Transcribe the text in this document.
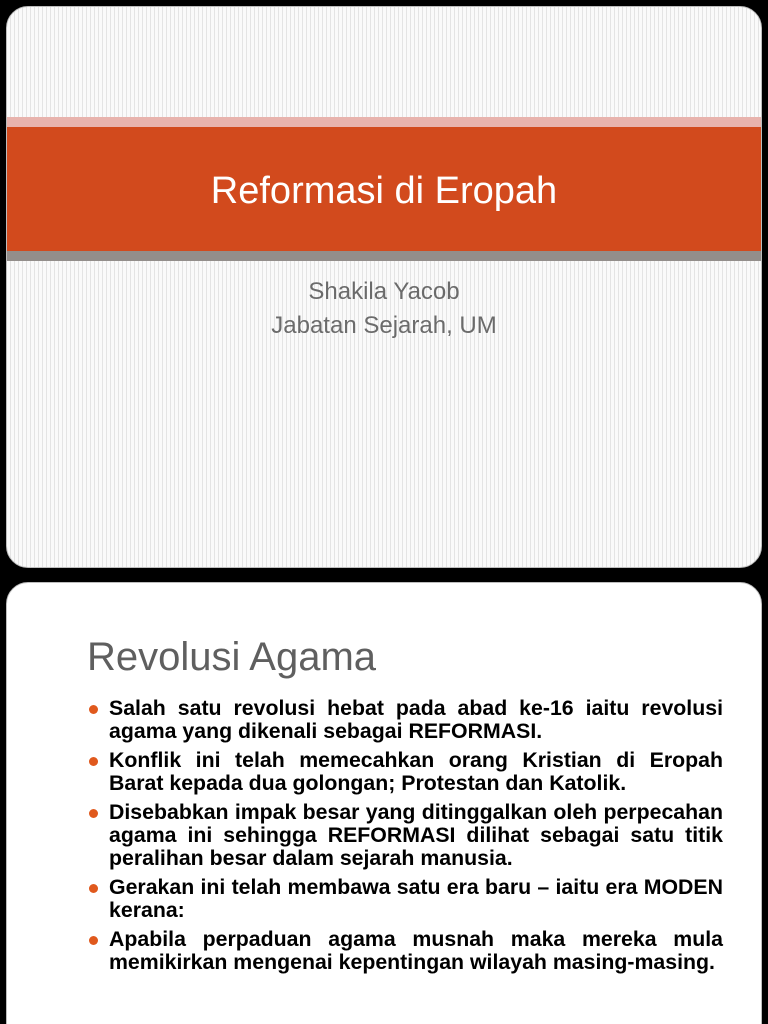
Reformasi di Eropah
Shakila Yacob
Jabatan Sejarah, UM
Revolusi Agama
Salah satu revolusi hebat pada abad ke-16 iaitu revolusi agama yang dikenali sebagai REFORMASI.
Konflik ini telah memecahkan orang Kristian di Eropah Barat kepada dua golongan; Protestan dan Katolik.
Disebabkan impak besar yang ditinggalkan oleh perpecahan agama ini sehingga REFORMASI dilihat sebagai satu titik peralihan besar dalam sejarah manusia.
Gerakan ini telah membawa satu era baru – iaitu era MODEN kerana:
Apabila perpaduan agama musnah maka mereka mula memikirkan mengenai kepentingan wilayah masing-masing.
